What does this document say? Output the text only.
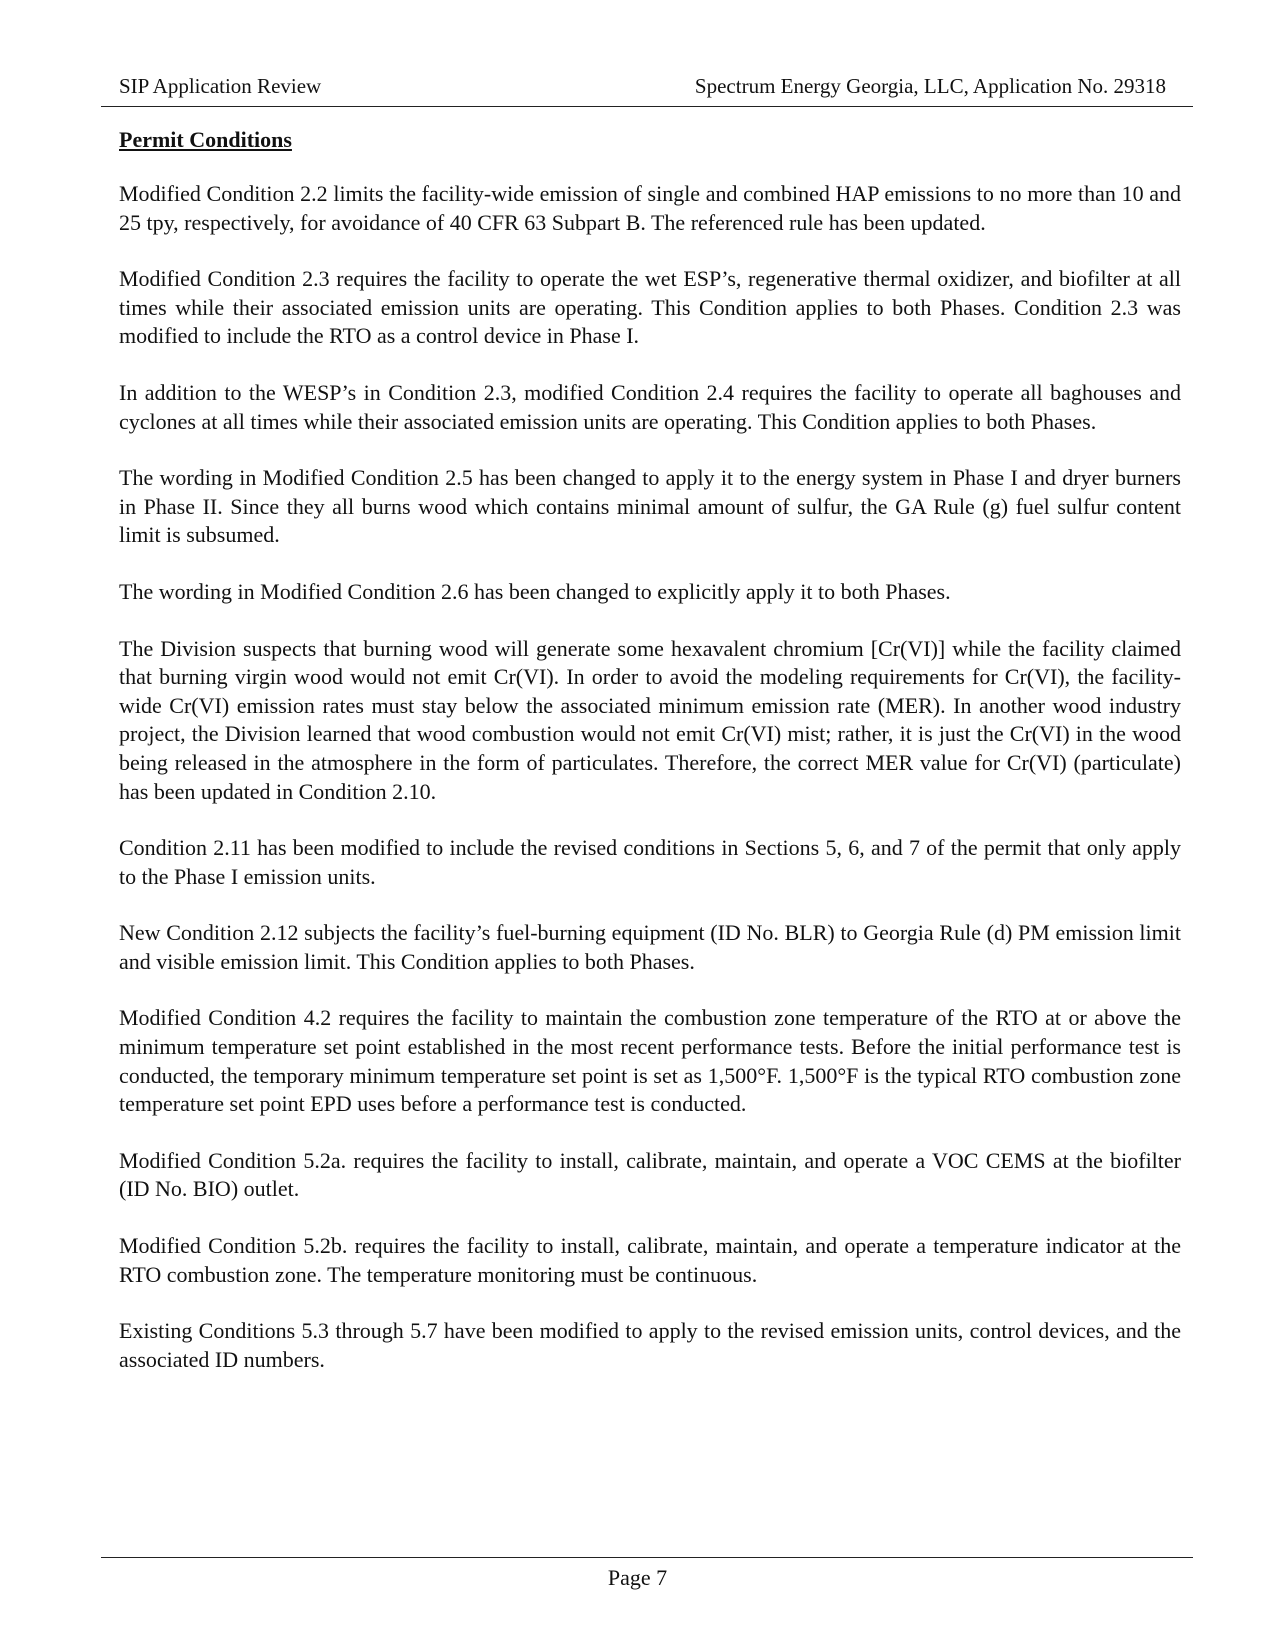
SIP Application Review	Spectrum Energy Georgia, LLC, Application No. 29318
Permit Conditions

Modified Condition 2.2 limits the facility-wide emission of single and combined HAP emissions to no more than 10 and 25 tpy, respectively, for avoidance of 40 CFR 63 Subpart B. The referenced rule has been updated.

Modified Condition 2.3 requires the facility to operate the wet ESP’s, regenerative thermal oxidizer, and biofilter at all times while their associated emission units are operating. This Condition applies to both Phases. Condition 2.3 was modified to include the RTO as a control device in Phase I.

In addition to the WESP’s in Condition 2.3, modified Condition 2.4 requires the facility to operate all baghouses and cyclones at all times while their associated emission units are operating. This Condition applies to both Phases.

The wording in Modified Condition 2.5 has been changed to apply it to the energy system in Phase I and dryer burners in Phase II. Since they all burns wood which contains minimal amount of sulfur, the GA Rule (g) fuel sulfur content limit is subsumed.

The wording in Modified Condition 2.6 has been changed to explicitly apply it to both Phases.

The Division suspects that burning wood will generate some hexavalent chromium [Cr(VI)] while the facility claimed that burning virgin wood would not emit Cr(VI). In order to avoid the modeling requirements for Cr(VI), the facility-wide Cr(VI) emission rates must stay below the associated minimum emission rate (MER). In another wood industry project, the Division learned that wood combustion would not emit Cr(VI) mist; rather, it is just the Cr(VI) in the wood being released in the atmosphere in the form of particulates. Therefore, the correct MER value for Cr(VI) (particulate) has been updated in Condition 2.10.

Condition 2.11 has been modified to include the revised conditions in Sections 5, 6, and 7 of the permit that only apply to the Phase I emission units.

New Condition 2.12 subjects the facility’s fuel-burning equipment (ID No. BLR) to Georgia Rule (d) PM emission limit and visible emission limit. This Condition applies to both Phases.

Modified Condition 4.2 requires the facility to maintain the combustion zone temperature of the RTO at or above the minimum temperature set point established in the most recent performance tests. Before the initial performance test is conducted, the temporary minimum temperature set point is set as 1,500°F. 1,500°F is the typical RTO combustion zone temperature set point EPD uses before a performance test is conducted.

Modified Condition 5.2a. requires the facility to install, calibrate, maintain, and operate a VOC CEMS at the biofilter (ID No. BIO) outlet.

Modified Condition 5.2b. requires the facility to install, calibrate, maintain, and operate a temperature indicator at the RTO combustion zone. The temperature monitoring must be continuous.

Existing Conditions 5.3 through 5.7 have been modified to apply to the revised emission units, control devices, and the associated ID numbers.

Page 7
